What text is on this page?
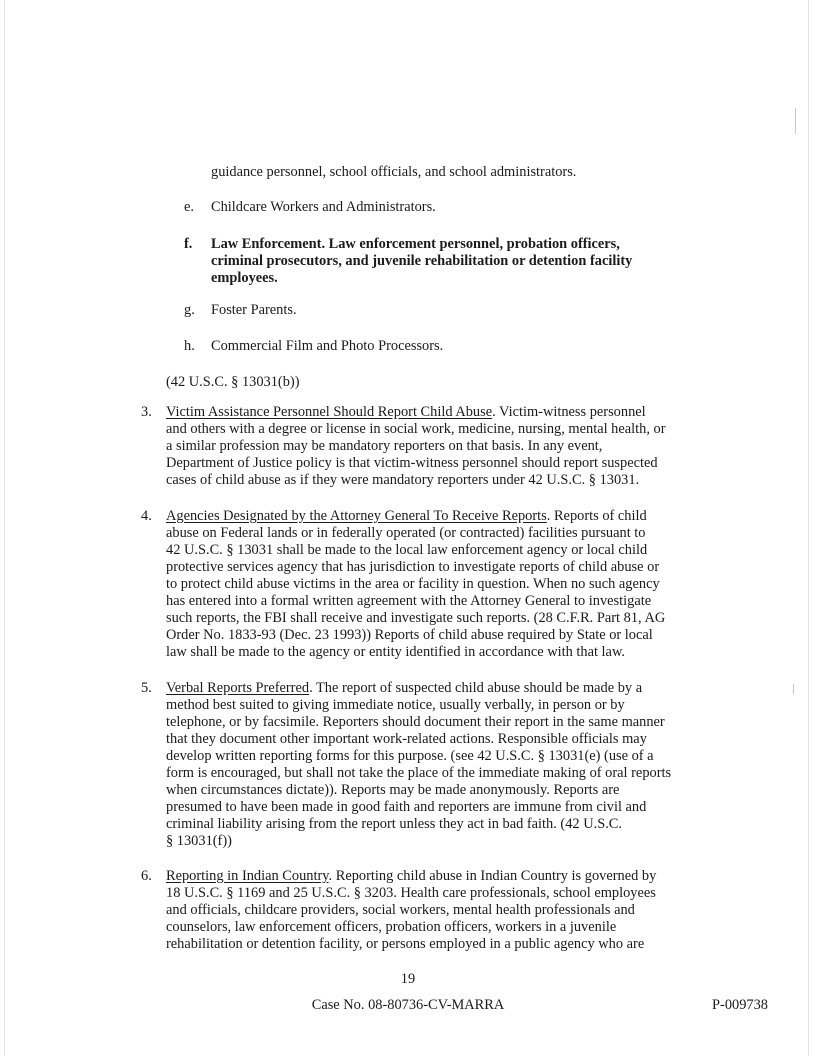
guidance personnel, school officials, and school administrators.
e. Childcare Workers and Administrators.
f. Law Enforcement. Law enforcement personnel, probation officers, criminal prosecutors, and juvenile rehabilitation or detention facility employees.
g. Foster Parents.
h. Commercial Film and Photo Processors.
(42 U.S.C. § 13031(b))
3. Victim Assistance Personnel Should Report Child Abuse. Victim-witness personnel
and others with a degree or license in social work, medicine, nursing, mental health, or
a similar profession may be mandatory reporters on that basis. In any event,
Department of Justice policy is that victim-witness personnel should report suspected
cases of child abuse as if they were mandatory reporters under 42 U.S.C. § 13031.
4. Agencies Designated by the Attorney General To Receive Reports. Reports of child
abuse on Federal lands or in federally operated (or contracted) facilities pursuant to
42 U.S.C. § 13031 shall be made to the local law enforcement agency or local child
protective services agency that has jurisdiction to investigate reports of child abuse or
to protect child abuse victims in the area or facility in question. When no such agency
has entered into a formal written agreement with the Attorney General to investigate
such reports, the FBI shall receive and investigate such reports. (28 C.F.R. Part 81, AG
Order No. 1833-93 (Dec. 23 1993)) Reports of child abuse required by State or local
law shall be made to the agency or entity identified in accordance with that law.
5. Verbal Reports Preferred. The report of suspected child abuse should be made by a
method best suited to giving immediate notice, usually verbally, in person or by
telephone, or by facsimile. Reporters should document their report in the same manner
that they document other important work-related actions. Responsible officials may
develop written reporting forms for this purpose. (see 42 U.S.C. § 13031(e) (use of a
form is encouraged, but shall not take the place of the immediate making of oral reports
when circumstances dictate)). Reports may be made anonymously. Reports are
presumed to have been made in good faith and reporters are immune from civil and
criminal liability arising from the report unless they act in bad faith. (42 U.S.C.
§ 13031(f))
6. Reporting in Indian Country. Reporting child abuse in Indian Country is governed by
18 U.S.C. § 1169 and 25 U.S.C. § 3203. Health care professionals, school employees
and officials, childcare providers, social workers, mental health professionals and
counselors, law enforcement officers, probation officers, workers in a juvenile
rehabilitation or detention facility, or persons employed in a public agency who are
19
Case No. 08-80736-CV-MARRA	P-009738
